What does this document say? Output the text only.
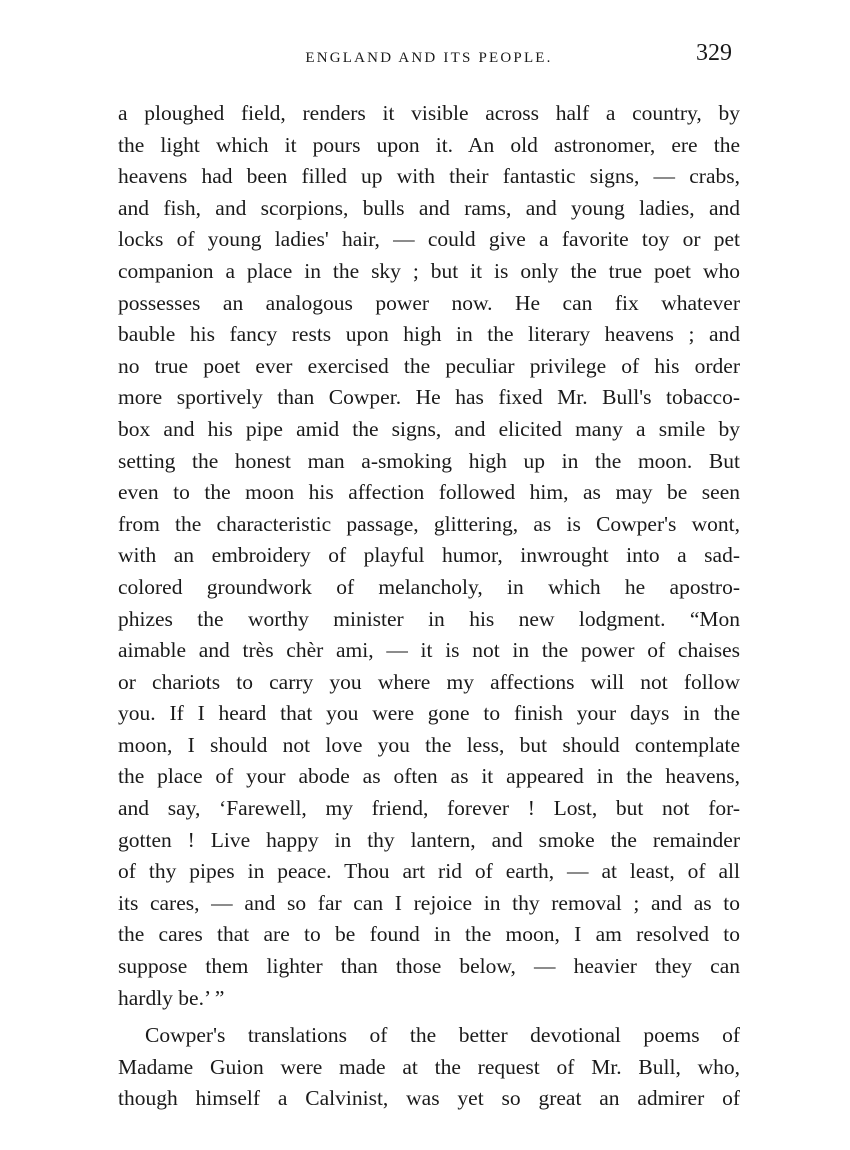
ENGLAND AND ITS PEOPLE.	329
a ploughed field, renders it visible across half a country, by
the light which it pours upon it. An old astronomer, ere the
heavens had been filled up with their fantastic signs, — crabs,
and fish, and scorpions, bulls and rams, and young ladies, and
locks of young ladies' hair, — could give a favorite toy or pet
companion a place in the sky ; but it is only the true poet who
possesses an analogous power now. He can fix whatever
bauble his fancy rests upon high in the literary heavens ; and
no true poet ever exercised the peculiar privilege of his order
more sportively than Cowper. He has fixed Mr. Bull's tobacco-
box and his pipe amid the signs, and elicited many a smile by
setting the honest man a-smoking high up in the moon. But
even to the moon his affection followed him, as may be seen
from the characteristic passage, glittering, as is Cowper's wont,
with an embroidery of playful humor, inwrought into a sad-
colored groundwork of melancholy, in which he apostro-
phizes the worthy minister in his new lodgment. “Mon
aimable and très chèr ami, — it is not in the power of chaises
or chariots to carry you where my affections will not follow
you. If I heard that you were gone to finish your days in the
moon, I should not love you the less, but should contemplate
the place of your abode as often as it appeared in the heavens,
and say, ‘Farewell, my friend, forever ! Lost, but not for-
gotten ! Live happy in thy lantern, and smoke the remainder
of thy pipes in peace. Thou art rid of earth, — at least, of all
its cares, — and so far can I rejoice in thy removal ; and as to
the cares that are to be found in the moon, I am resolved to
suppose them lighter than those below, — heavier they can
hardly be.’ ”
Cowper's translations of the better devotional poems of
Madame Guion were made at the request of Mr. Bull, who,
though himself a Calvinist, was yet so great an admirer of
